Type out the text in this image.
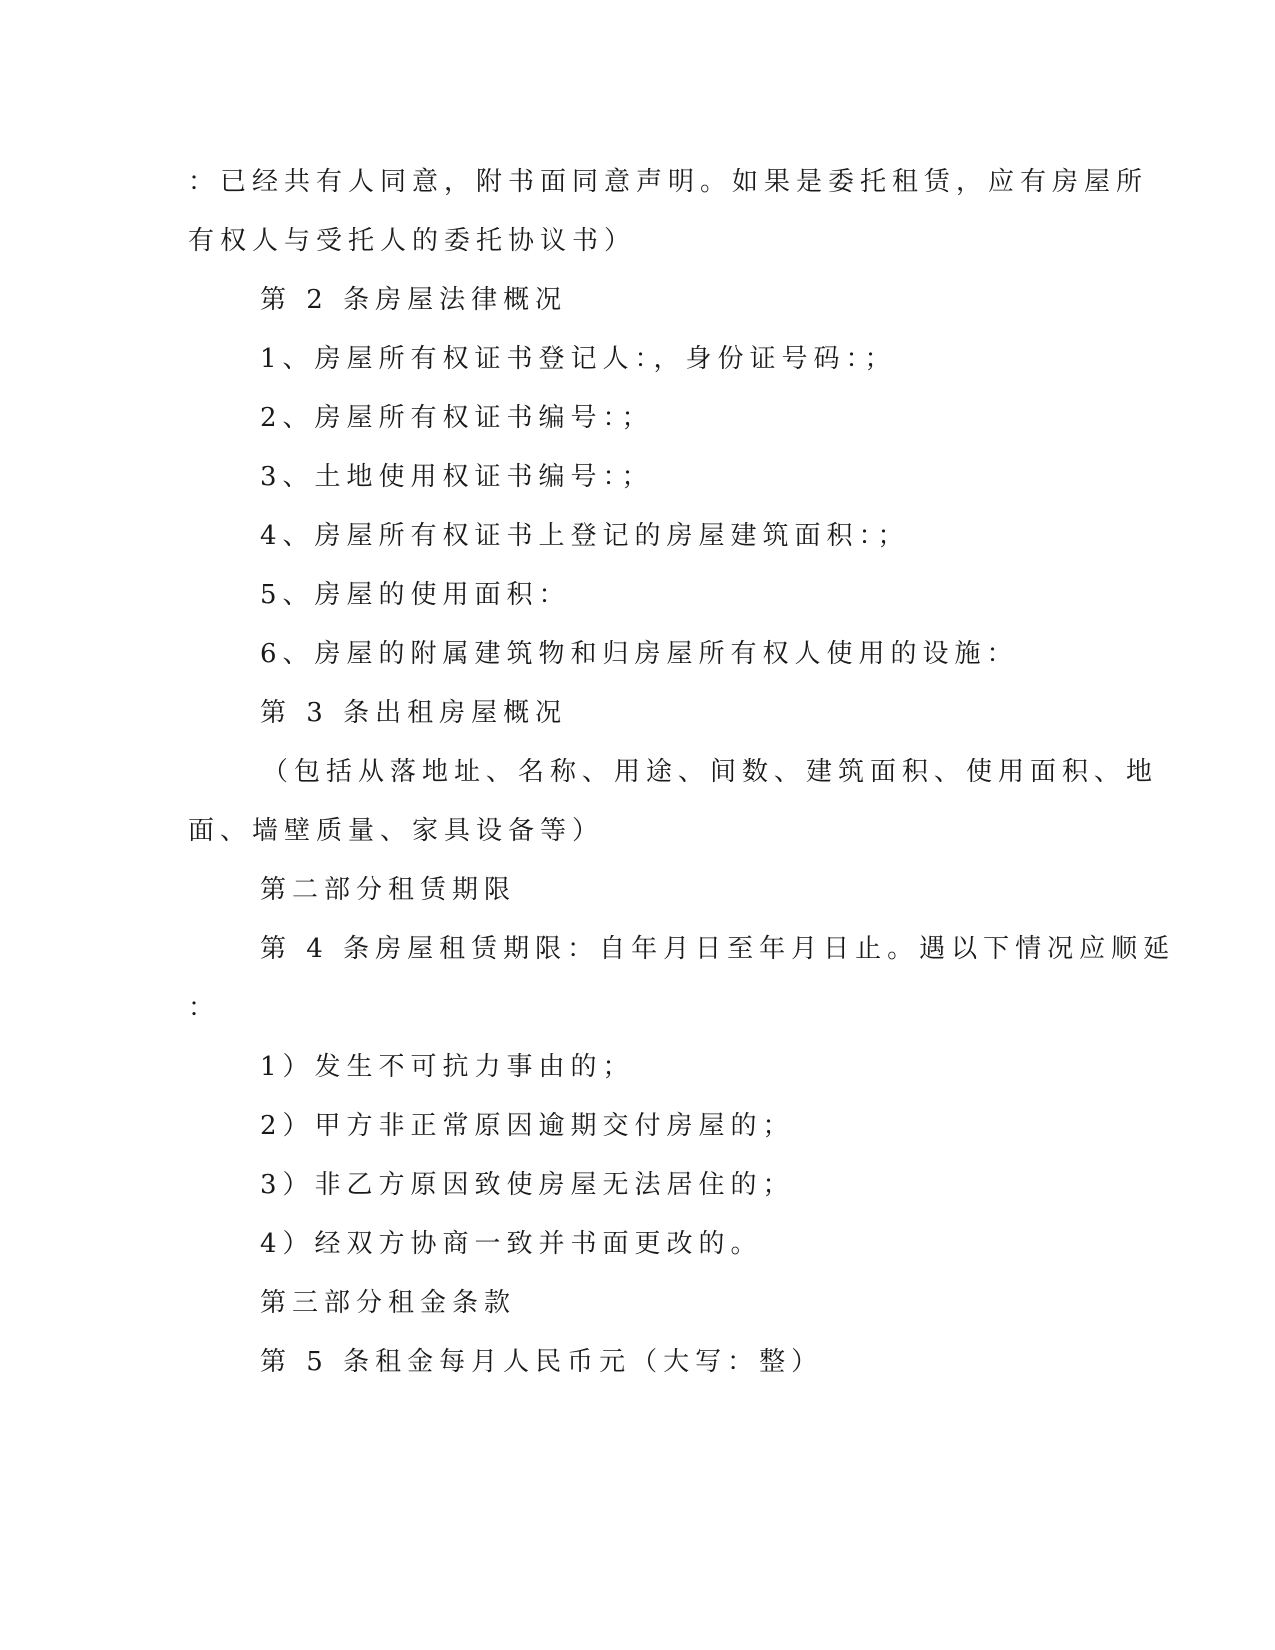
：已经共有人同意，附书面同意声明。如果是委托租赁，应有房屋所

有权人与受托人的委托协议书）

第 2 条房屋法律概况

1、房屋所有权证书登记人：，身份证号码：；

2、房屋所有权证书编号：；

3、土地使用权证书编号：；

4、房屋所有权证书上登记的房屋建筑面积：；

5、房屋的使用面积：

6、房屋的附属建筑物和归房屋所有权人使用的设施：

第 3 条出租房屋概况

（包括从落地址、名称、用途、间数、建筑面积、使用面积、地

面、墙壁质量、家具设备等）

第二部分租赁期限

第 4 条房屋租赁期限：自年月日至年月日止。遇以下情况应顺延

：

1）发生不可抗力事由的；

2）甲方非正常原因逾期交付房屋的；

3）非乙方原因致使房屋无法居住的；

4）经双方协商一致并书面更改的。

第三部分租金条款

第 5 条租金每月人民币元（大写：整）
